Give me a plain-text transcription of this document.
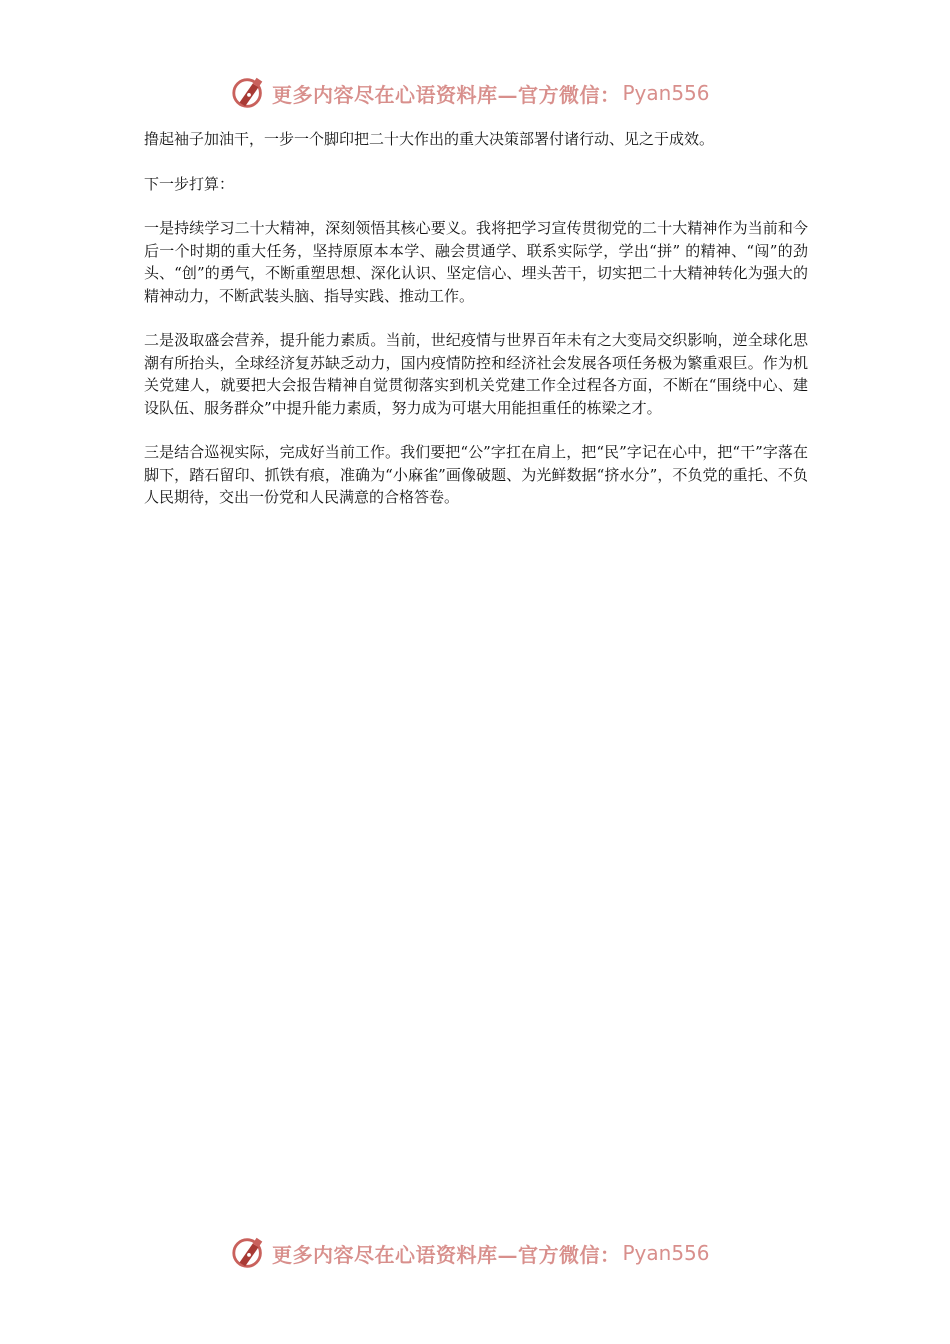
更多内容尽在心语资料库—官方微信： Pyan556

撸起袖子加油干，一步一个脚印把二十大作出的重大决策部署付诸行动、见之于成效。

下一步打算：

一是持续学习二十大精神，深刻领悟其核心要义。我将把学习宣传贯彻党的二十大精神作为当前和今后一个时期的重大任务，坚持原原本本学、融会贯通学、联系实际学，学出“拼” 的精神、“闯”的劲头、“创”的勇气，不断重塑思想、深化认识、坚定信心、埋头苦干，切实把二十大精神转化为强大的精神动力，不断武装头脑、指导实践、推动工作。

二是汲取盛会营养，提升能力素质。当前，世纪疫情与世界百年未有之大变局交织影响，逆全球化思潮有所抬头，全球经济复苏缺乏动力，国内疫情防控和经济社会发展各项任务极为繁重艰巨。作为机关党建人，就要把大会报告精神自觉贯彻落实到机关党建工作全过程各方面，不断在“围绕中心、建设队伍、服务群众”中提升能力素质，努力成为可堪大用能担重任的栋梁之才。

三是结合巡视实际，完成好当前工作。我们要把“公”字扛在肩上，把“民”字记在心中，把“干”字落在脚下，踏石留印、抓铁有痕，准确为“小麻雀”画像破题、为光鲜数据“挤水分”，不负党的重托、不负人民期待，交出一份党和人民满意的合格答卷。

更多内容尽在心语资料库—官方微信： Pyan556
